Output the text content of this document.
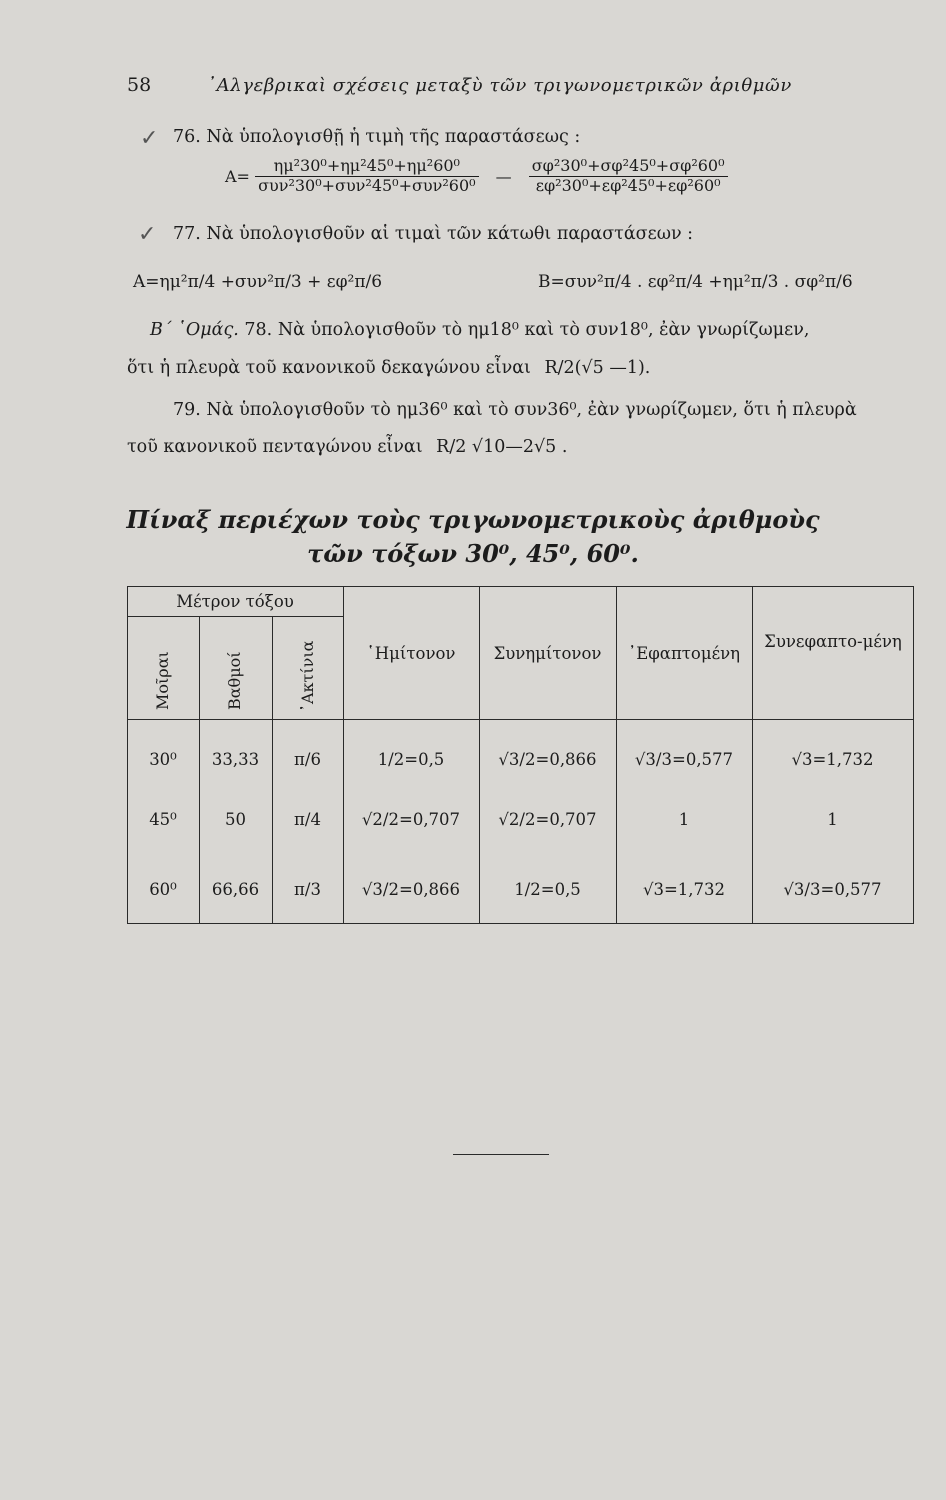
58	᾽Αλγεβρικαὶ σχέσεις μεταξὺ τῶν τριγωνομετρικῶν ἀριθμῶν
✓ 76. Νὰ ὑπολογισθῇ ἡ τιμὴ τῆς παραστάσεως :
$A= \frac{\text{ημ²30⁰+ημ²45⁰+ημ²60⁰}}{\text{συν²30⁰+συν²45⁰+συν²60⁰}}$ — $\frac{\text{σφ²30⁰+σφ²45⁰+σφ²60⁰}}{\text{εφ²30⁰+εφ²45⁰+εφ²60⁰}}$
✓ 77. Νὰ ὑπολογισθοῦν αἱ τιμαὶ τῶν κάτωθι παραστάσεων :
Α=ημ²π/4 +συν²π/3 + εφ²π/6	Β=συν²π/4 . εφ²π/4 +ημ²π/3 . σφ²π/6
Β΄ ῾Ομάς. 78. Νὰ ὑπολογισθοῦν τὸ ημ18⁰ καὶ τὸ συν18⁰, ἐὰν γνωρίζωμεν,
ὅτι ἡ πλευρὰ τοῦ κανονικοῦ δεκαγώνου εἶναι R/2(√5 —1).
79. Νὰ ὑπολογισθοῦν τὸ ημ36⁰ καὶ τὸ συν36⁰, ἐὰν γνωρίζωμεν, ὅτι ἡ πλευρὰ
τοῦ κανονικοῦ πενταγώνου εἶναι R/2 √10—2√5 .
Πίναξ περιέχων τοὺς τριγωνομετρικοὺς ἀριθμοὺς
τῶν τόξων 30⁰, 45⁰, 60⁰.
Μέτρον τόξου
Μοῖραι	Βαθμοί	᾽Ακτίνια	῾Ημίτονον	Συνημίτονον	᾽Εφαπτομένη
Συνεφαπτο-μένη
30⁰	33,33	π/6	1/2=0,5	√3/2=0,866	√3/3=0,577	√3=1,732
45⁰	50	π/4	√2/2=0,707	√2/2=0,707	1	1
60⁰	66,66	π/3	√3/2=0,866	1/2=0,5	√3=1,732	√3/3=0,577
